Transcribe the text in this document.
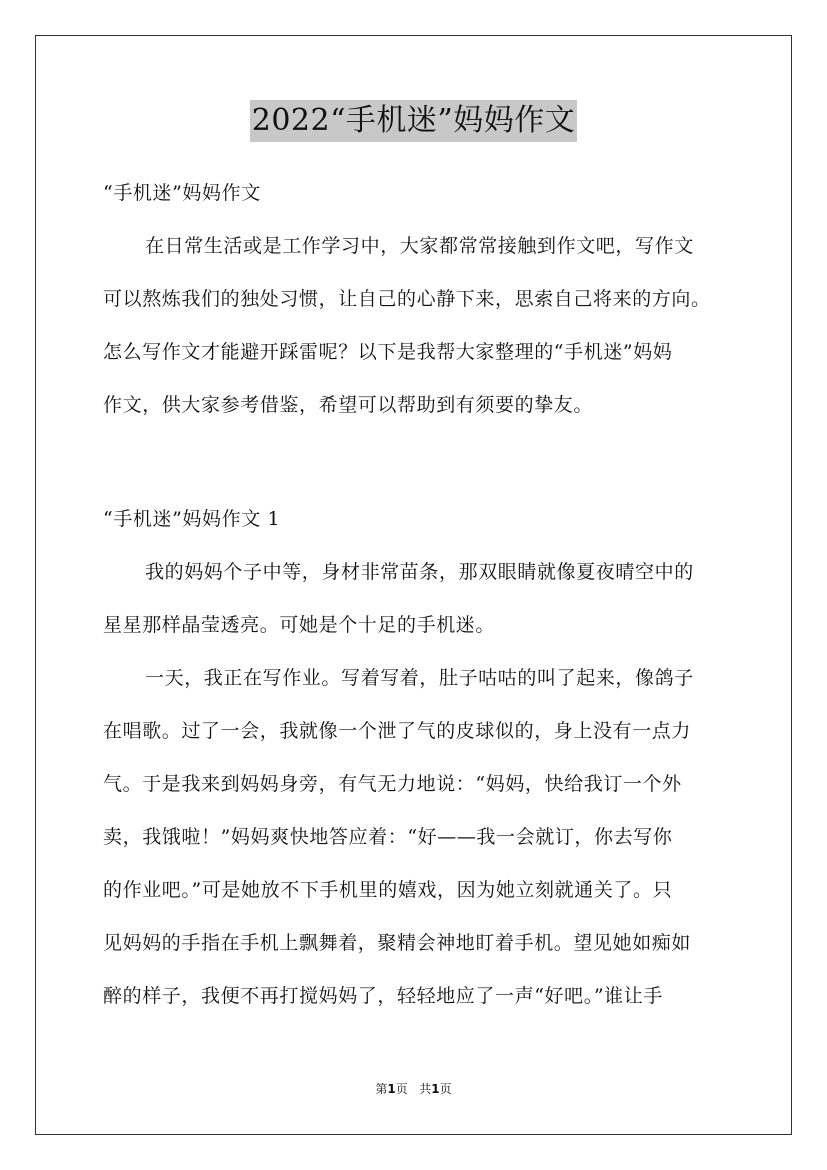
2022“手机迷”妈妈作文
“手机迷”妈妈作文
在日常生活或是工作学习中，大家都常常接触到作文吧，写作文
可以熬炼我们的独处习惯，让自己的心静下来，思索自己将来的方向。
怎么写作文才能避开踩雷呢？以下是我帮大家整理的“手机迷”妈妈
作文，供大家参考借鉴，希望可以帮助到有须要的挚友。
“手机迷”妈妈作文 1
我的妈妈个子中等，身材非常苗条，那双眼睛就像夏夜晴空中的
星星那样晶莹透亮。可她是个十足的手机迷。
一天，我正在写作业。写着写着，肚子咕咕的叫了起来，像鸽子
在唱歌。过了一会，我就像一个泄了气的皮球似的，身上没有一点力
气。于是我来到妈妈身旁，有气无力地说：“妈妈，快给我订一个外
卖，我饿啦！”妈妈爽快地答应着：“好——我一会就订，你去写你
的作业吧。”可是她放不下手机里的嬉戏，因为她立刻就通关了。只
见妈妈的手指在手机上飘舞着，聚精会神地盯着手机。望见她如痴如
醉的样子，我便不再打搅妈妈了，轻轻地应了一声“好吧。”谁让手
第1页 共1页
